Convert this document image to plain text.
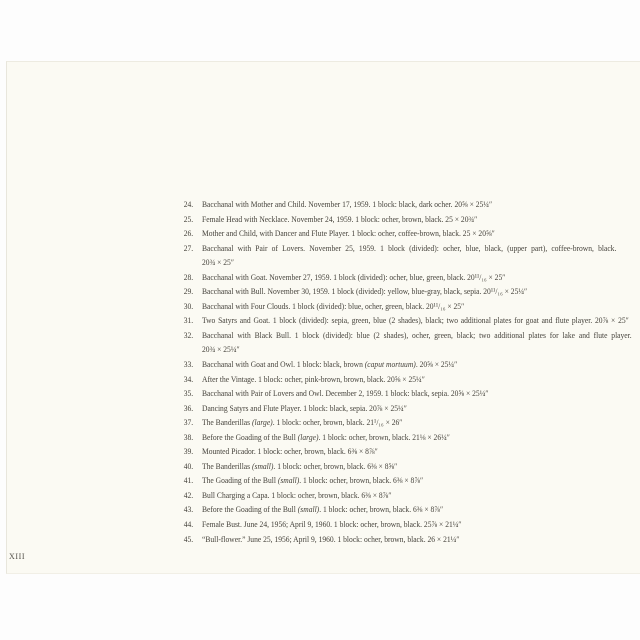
24. Bacchanal with Mother and Child. November 17, 1959. 1 block: black, dark ocher. 20⅝ × 25¼″
25. Female Head with Necklace. November 24, 1959. 1 block: ocher, brown, black. 25 × 20¾″
26. Mother and Child, with Dancer and Flute Player. 1 block: ocher, coffee-brown, black. 25 × 20⅝″
27. Bacchanal with Pair of Lovers. November 25, 1959. 1 block (divided): ocher, blue, black, (upper part), coffee-brown, black.
20¾ × 25″
28. Bacchanal with Goat. November 27, 1959. 1 block (divided): ocher, blue, green, black. 20¹¹/₁₆ × 25″
29. Bacchanal with Bull. November 30, 1959. 1 block (divided): yellow, blue-gray, black, sepia. 20¹¹/₁₆ × 25¼″
30. Bacchanal with Four Clouds. 1 block (divided): blue, ocher, green, black. 20¹¹/₁₆ × 25″
31. Two Satyrs and Goat. 1 block (divided): sepia, green, blue (2 shades), black; two additional plates for goat and flute player. 20⅞ × 25″
32. Bacchanal with Black Bull. 1 block (divided): blue (2 shades), ocher, green, black; two additional plates for lake and flute player.
20¾ × 25¼″
33. Bacchanal with Goat and Owl. 1 block: black, brown (caput mortuum). 20⅝ × 25¼″
34. After the Vintage. 1 block: ocher, pink-brown, brown, black. 20⅝ × 25¼″
35. Bacchanal with Pair of Lovers and Owl. December 2, 1959. 1 block: black, sepia. 20⅝ × 25¼″
36. Dancing Satyrs and Flute Player. 1 block: black, sepia. 20⅞ × 25¼″
37. The Banderillas (large). 1 block: ocher, brown, black. 21¹/₁₆ × 26″
38. Before the Goading of the Bull (large). 1 block: ocher, brown, black. 21⅛ × 26¼″
39. Mounted Picador. 1 block: ocher, brown, black. 6⅜ × 8⅞″
40. The Banderillas (small). 1 block: ocher, brown, black. 6⅜ × 8⅝″
41. The Goading of the Bull (small). 1 block: ocher, brown, black. 6⅜ × 8⅞″
42. Bull Charging a Capa. 1 block: ocher, brown, black. 6⅜ × 8⅞″
43. Before the Goading of the Bull (small). 1 block: ocher, brown, black. 6⅜ × 8⅞″
44. Female Bust. June 24, 1956; April 9, 1960. 1 block: ocher, brown, black. 25⅞ × 21¼″
45. “Bull-flower.” June 25, 1956; April 9, 1960. 1 block: ocher, brown, black. 26 × 21¼″
XIII
